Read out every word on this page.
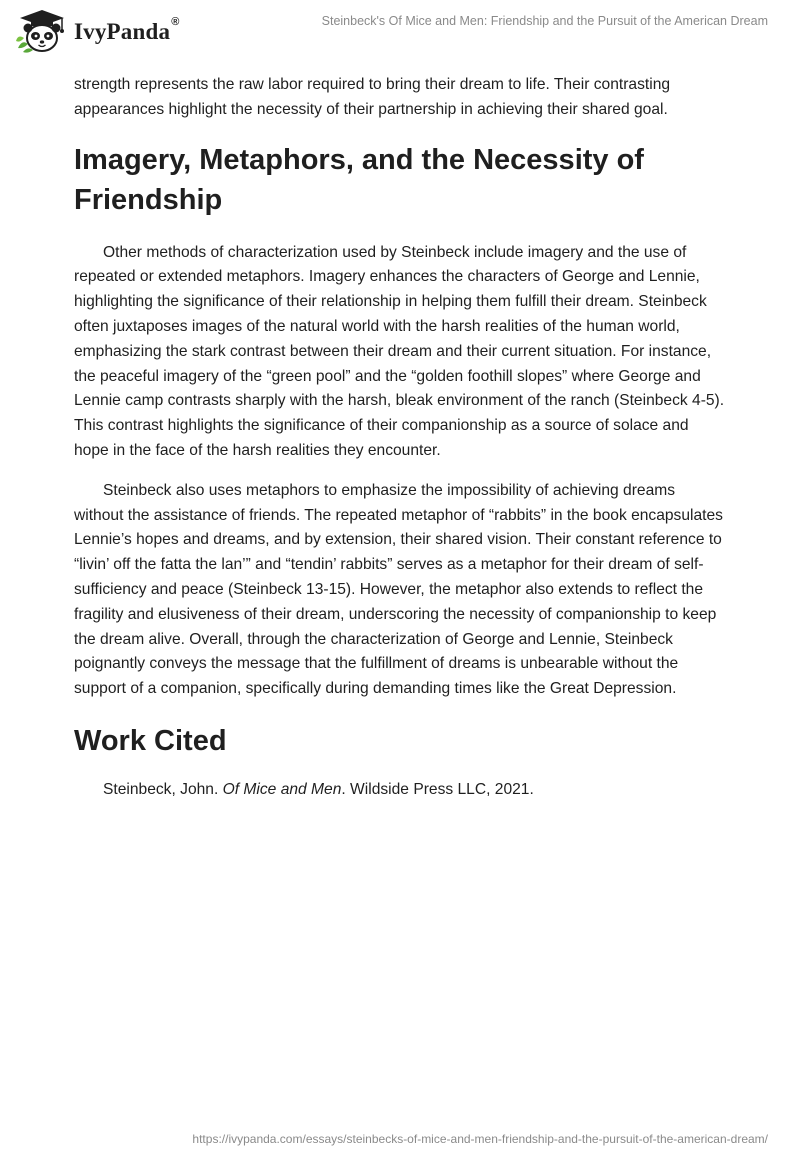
IvyPanda®	Steinbeck's Of Mice and Men: Friendship and the Pursuit of the American Dream

strength represents the raw labor required to bring their dream to life. Their contrasting appearances highlight the necessity of their partnership in achieving their shared goal.

Imagery, Metaphors, and the Necessity of Friendship

Other methods of characterization used by Steinbeck include imagery and the use of repeated or extended metaphors. Imagery enhances the characters of George and Lennie, highlighting the significance of their relationship in helping them fulfill their dream. Steinbeck often juxtaposes images of the natural world with the harsh realities of the human world, emphasizing the stark contrast between their dream and their current situation. For instance, the peaceful imagery of the “green pool” and the “golden foothill slopes” where George and Lennie camp contrasts sharply with the harsh, bleak environment of the ranch (Steinbeck 4-5). This contrast highlights the significance of their companionship as a source of solace and hope in the face of the harsh realities they encounter.

Steinbeck also uses metaphors to emphasize the impossibility of achieving dreams without the assistance of friends. The repeated metaphor of “rabbits” in the book encapsulates Lennie’s hopes and dreams, and by extension, their shared vision. Their constant reference to “livin’ off the fatta the lan’” and “tendin’ rabbits” serves as a metaphor for their dream of self-sufficiency and peace (Steinbeck 13-15). However, the metaphor also extends to reflect the fragility and elusiveness of their dream, underscoring the necessity of companionship to keep the dream alive. Overall, through the characterization of George and Lennie, Steinbeck poignantly conveys the message that the fulfillment of dreams is unbearable without the support of a companion, specifically during demanding times like the Great Depression.

Work Cited

Steinbeck, John. Of Mice and Men. Wildside Press LLC, 2021.

https://ivypanda.com/essays/steinbecks-of-mice-and-men-friendship-and-the-pursuit-of-the-american-dream/
